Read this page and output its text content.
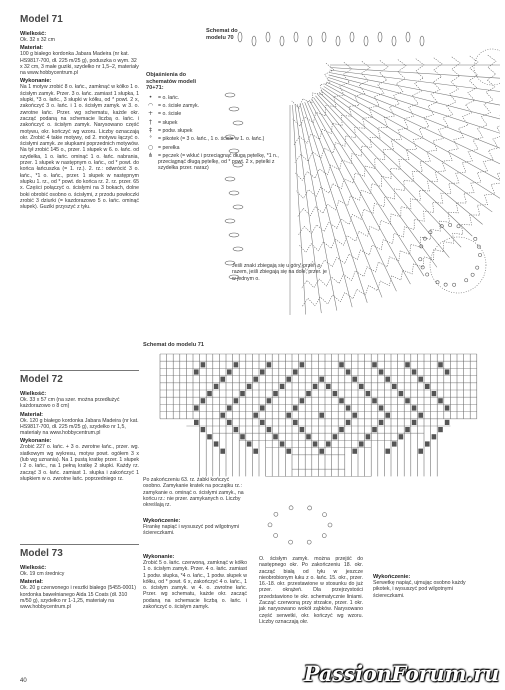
Model 71
Wielkość:
Ok. 32 x 32 cm
Materiał:
100 g białego kordonka Jabara Madeira (nr kat. HS9817-700, dł. 225 m/25 g), poduszka o wym. 32 x 32 cm, 3 małe guziki, szydełko nr 1,5–2, materiały na www.hobbycentrum.pl
Wykonanie:
Na 1 motyw zrobić 8 o. łańc., zamknąć w kółko 1 o. ścisłym zamyk. Przer. 3 o. łańc. zamiast 1 słupka, 1 słupki, *3 o. łańc., 3 słupki w kółku, od * powt. 2 x, zakończyć 3 o. łańc. i 1 o. ścisłym zamyk. w 3. o. zwrotne łańc. Przer. wg schematu, każde okr. zacząć podaną na schemacie liczbą o. łańc. i zakończyć o. ścisłym zamyk. Narysowano część motywu, okr. kończyć wg wzoru. Liczby oznaczają okr. Zrobić 4 takie motywy, od 2. motywu łączyć o. ścisłymi zamyk. ze słupkami poprzednich motywów. Na tył zrobić 145 o., przer. 1 słupek w 6. o. łańc. od szydełka, 1 o. łańc. ominąć 1 o. łańc. nabrania, przer. 1 słupek w następnym o. łańc., od * powt. do końca łańcuszka (= 1. rz.). 2. rz.: odwrócić 3 o. łańc., *1 o. łańc., przer. 1 słupek w następnym słupku 1. rz., od * powt. do końca rz. 2. rz. przer. 65 x. Części połączyć o. ścisłymi na 3 bokach, dolne boki obrobić osobno o. ścisłymi, z przodu powłoczki zrobić 3 dziurki (= kazdorazowo 5 o. łańc. ominąć słupek). Guziki przyszyć z tyłu.
Model 72
Wielkość:
Ok. 33 x 57 cm (na szer. można przedłużyć każdorazowo o 8 cm)
Materiał:
Ok. 120 g białego kordonka Jabara Madeira (nr kat. HS9817-700, dł. 225 m/25 g), szydełko nr 1,5, materiały na www.hobbycentrum.pl
Wykonanie:
Zrobić 227 o. łańc. + 3 o. zwrotne łańc., przer. wg. siatkowym wg wykresu, motyw powt. ogółem 3 x (lub wg uznania). Na 1 pustą kratkę przer. 1 słupek i 2 o. łańc., na 1 pełną kratkę 2 słupki. Każdy rz. zacząć 3 o. łańc. zamiast 1. słupka i zakończyć 1 słupkiem w o. zwrotne łańc. poprzedniego rz.
Model 73
Wielkość:
Ok. 19 cm średnicy
Materiał:
Ok. 20 g czerwonego i resztki białego (5455-0001) kordonka bawełnianego Aida 15 Coats (dł. 310 m/50 g), szydełko nr 1-1,25, materiały na www.hobbycentrum.pl
40
Schemat do modelu 70
Objaśnienia do schematów modeli 70+71:
•	= o. łańc.
◠ = o. ścisłe zamyk.
+ = o. ścisłe
†	= słupek
‡	= podw. słupek
ᐤ	= pikotek (= 3 o. łańc., 1 o. ścisłe w 1. o. łańc.)
○ = perełka
⋔ = pęczek (= wkłuć i przeciągnąć długą pętelkę, *1 n., przeciągnąć długą pętelkę, od * powt. 2 x, pętelki z szydełka przer. naraz)
Jeśli znaki zbiegają się u góry, przer. o. razem, jeśli zbiegają się na dole, przer. je w jednym o.
Schemat do modelu 71
Po zakończeniu 63. rz. żabki kończyć osobno. Zamykanie kratek na początku rz.: zamykanie o. ominąć o. ścisłymi zamyk., na końcu rz.: nie przer. zamykanych o. Liczby określają rz.
Wykończenie:
Firankę napiąć i wysuszyć pod wilgotnymi ściereczkami.
Wykonanie:
Zrobić 5 o. łańc. czerwoną, zamknąć w kółko 1 o. ścisłym zamyk. Przer. 4 o. łańc. zamiast 1 podw. słupka, *4 o. łańc., 1 podw. słupek w kółku, od * powt. 6 x, zakończyć 4 o. łańc., 1 o. ścisłym zamyk. w 4. o. zwrotne łańc. Przer. wg schematu, każde okr. zacząć podaną na schemacie liczbą o. łańc. i zakończyć o. ścisłym zamyk.
O. ścisłym zamyk. można przejść do następnego okr. Po zakończeniu 18. okr. zacząć białą od tyłu w jeszcze nieobrobionym łuku z o. łańc. 15. okr., przer. 16.-18. okr. przestawione w stosunku do już przer. okrążeń. Dla przejrzystości przedstawiono te okr. schematycznie liniami. Zacząć czerwoną przy strzałce, przer. 1 okr. jak narysowano wokół ząbków. Narysowano część serwetki, okr. kończyć wg wzoru. Liczby oznaczają okr.
Wykończenie:
Serwetkę napiąć, ujmując osobno każdy pikotek, i wysuszyć pod wilgotnymi ściereczkami.
PassionForum.ru
